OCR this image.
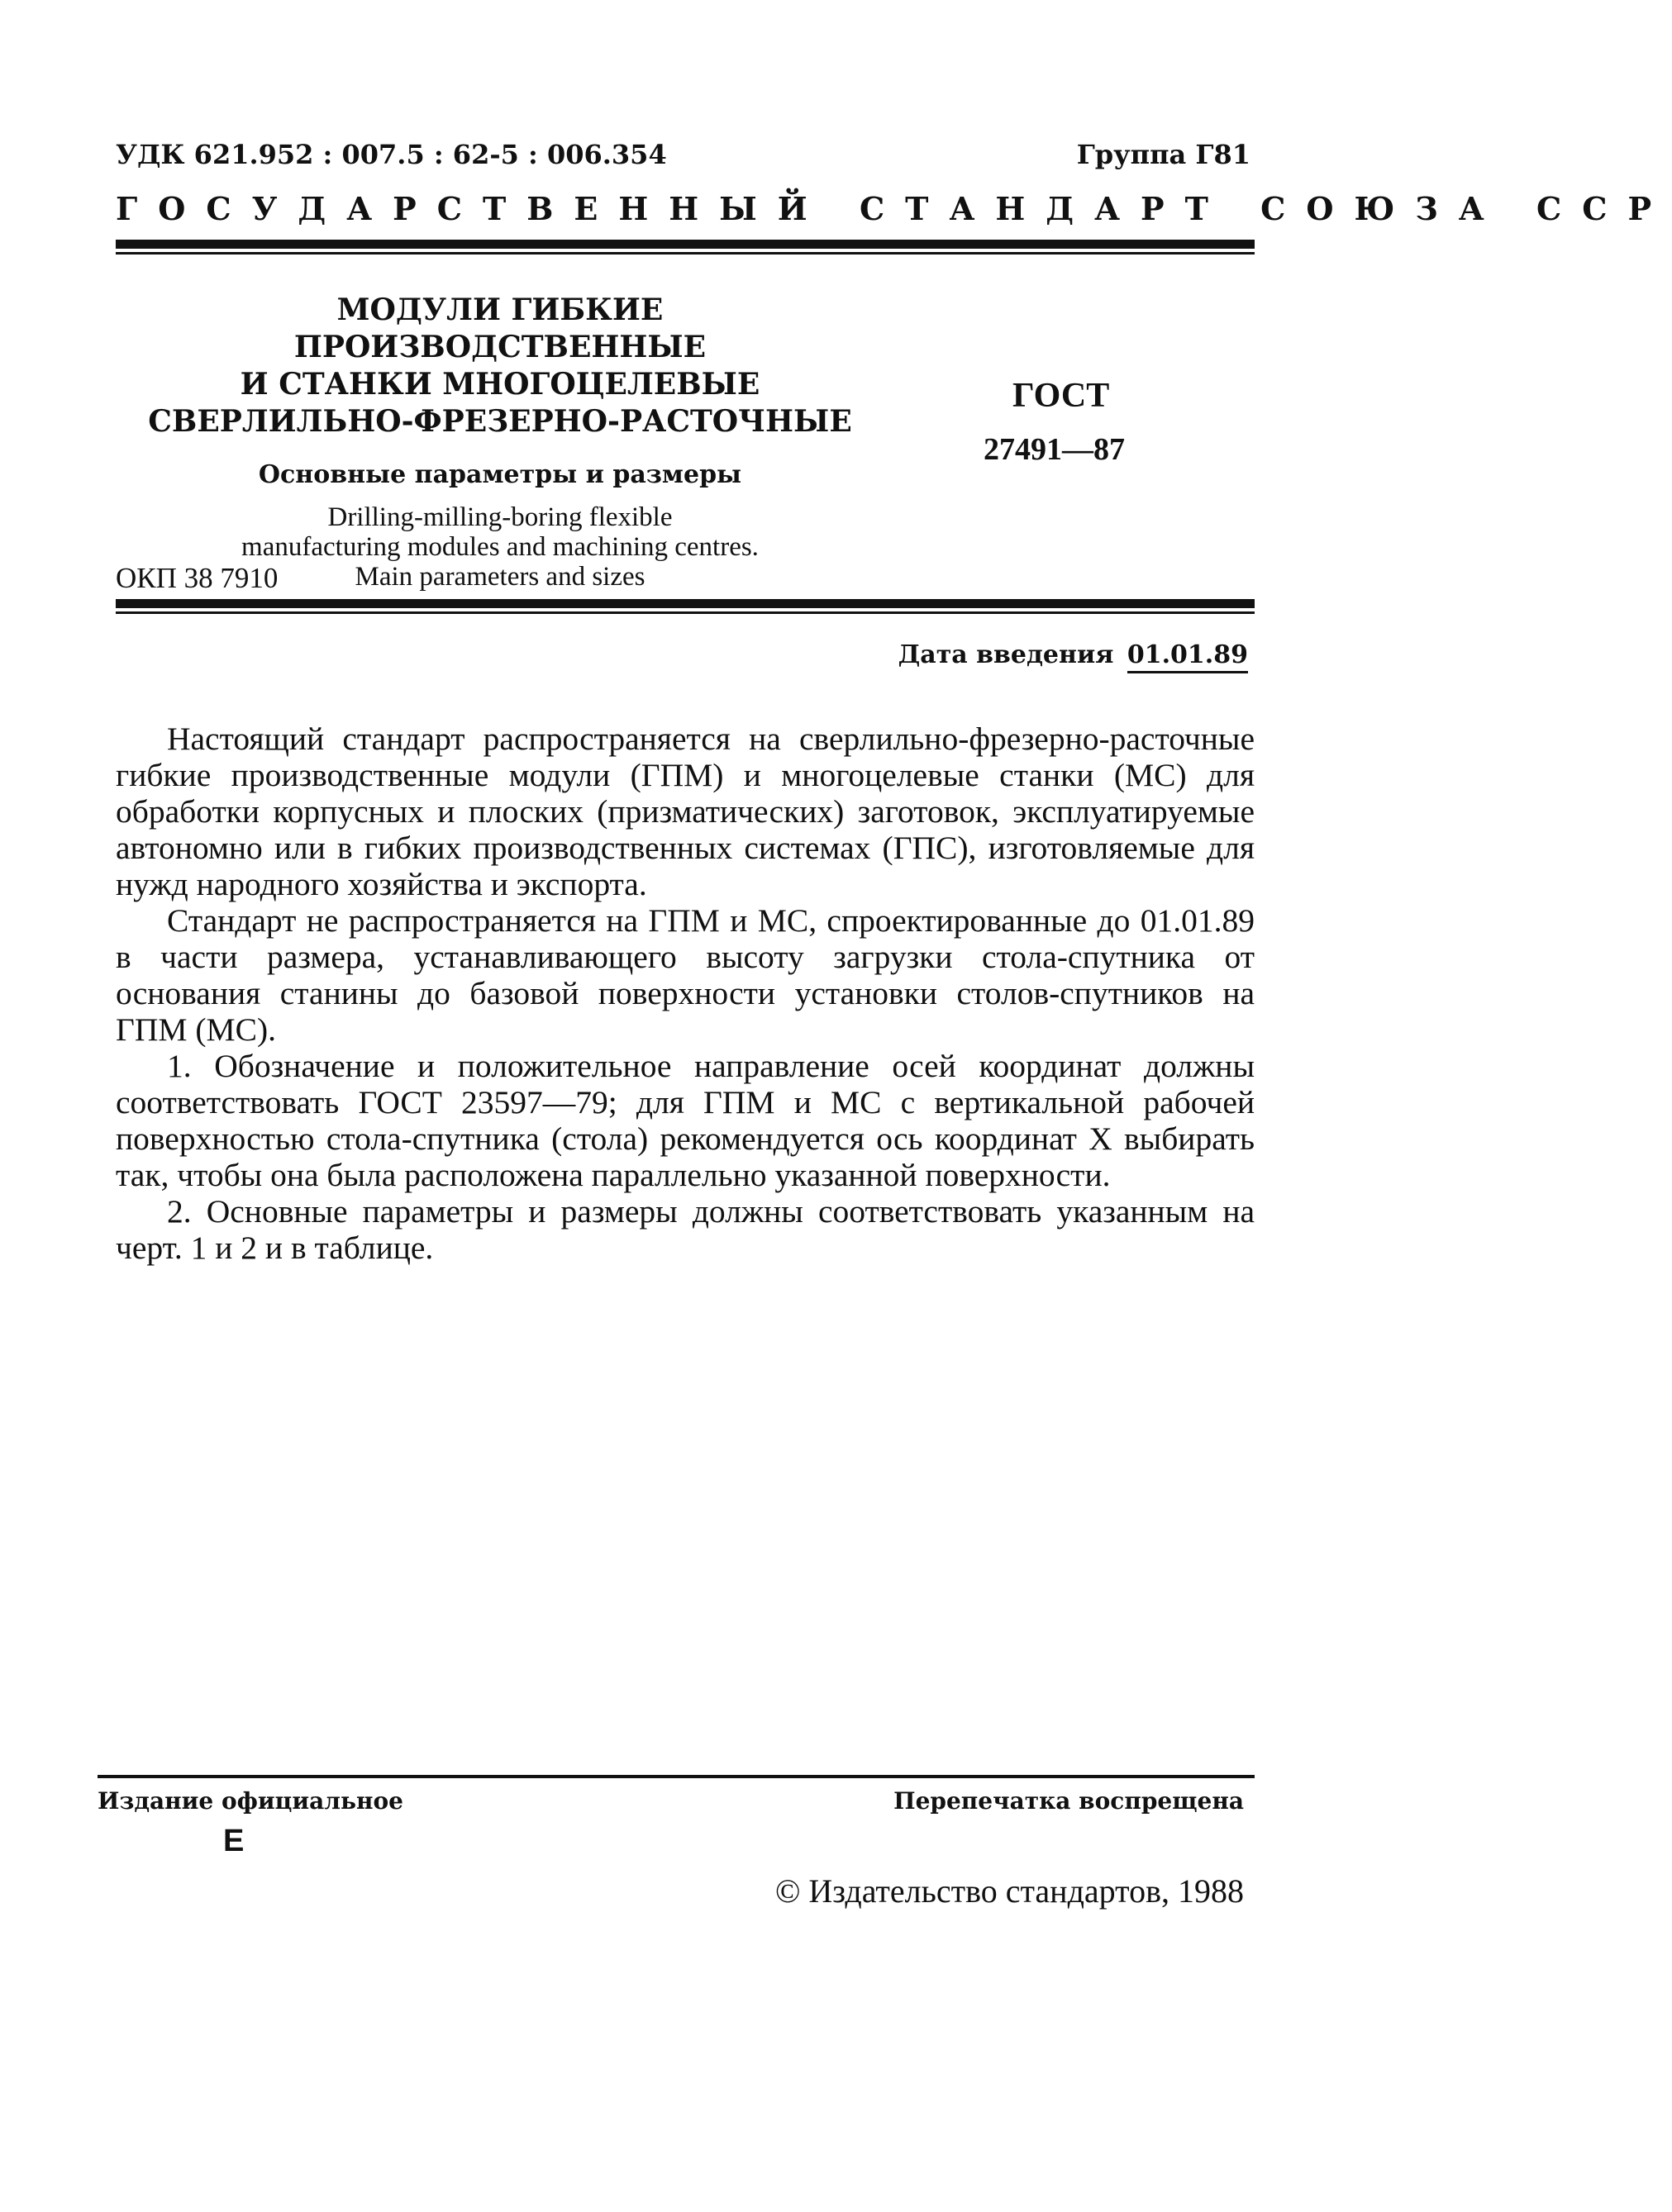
УДК 621.952 : 007.5 : 62-5 : 006.354	Группа Г81
ГОСУДАРСТВЕННЫЙ СТАНДАРТ СОЮЗА ССР
МОДУЛИ ГИБКИЕ ПРОИЗВОДСТВЕННЫЕ
И СТАНКИ МНОГОЦЕЛЕВЫЕ
СВЕРЛИЛЬНО-ФРЕЗЕРНО-РАСТОЧНЫЕ
Основные параметры и размеры
Drilling-milling-boring flexible
manufacturing modules and machining centres.
Main parameters and sizes
ГОСТ
27491—87
ОКП 38 7910
Дата введения 01.01.89

Настоящий стандарт распространяется на сверлильно-фрезерно-расточные гибкие производственные модули (ГПМ) и многоцелевые станки (МС) для обработки корпусных и плоских (призматических) заготовок, эксплуатируемые автономно или в гибких производственных системах (ГПС), изготовляемые для нужд народного хозяйства и экспорта.

Стандарт не распространяется на ГПМ и МС, спроектированные до 01.01.89 в части размера, устанавливающего высоту загрузки стола-спутника от основания станины до базовой поверхности установки столов-спутников на ГПМ (МС).

1. Обозначение и положительное направление осей координат должны соответствовать ГОСТ 23597—79; для ГПМ и МС с вертикальной рабочей поверхностью стола-спутника (стола) рекомендуется ось координат X выбирать так, чтобы она была расположена параллельно указанной поверхности.

2. Основные параметры и размеры должны соответствовать указанным на черт. 1 и 2 и в таблице.

Издание официальное	Перепечатка воспрещена
Е
© Издательство стандартов, 1988
